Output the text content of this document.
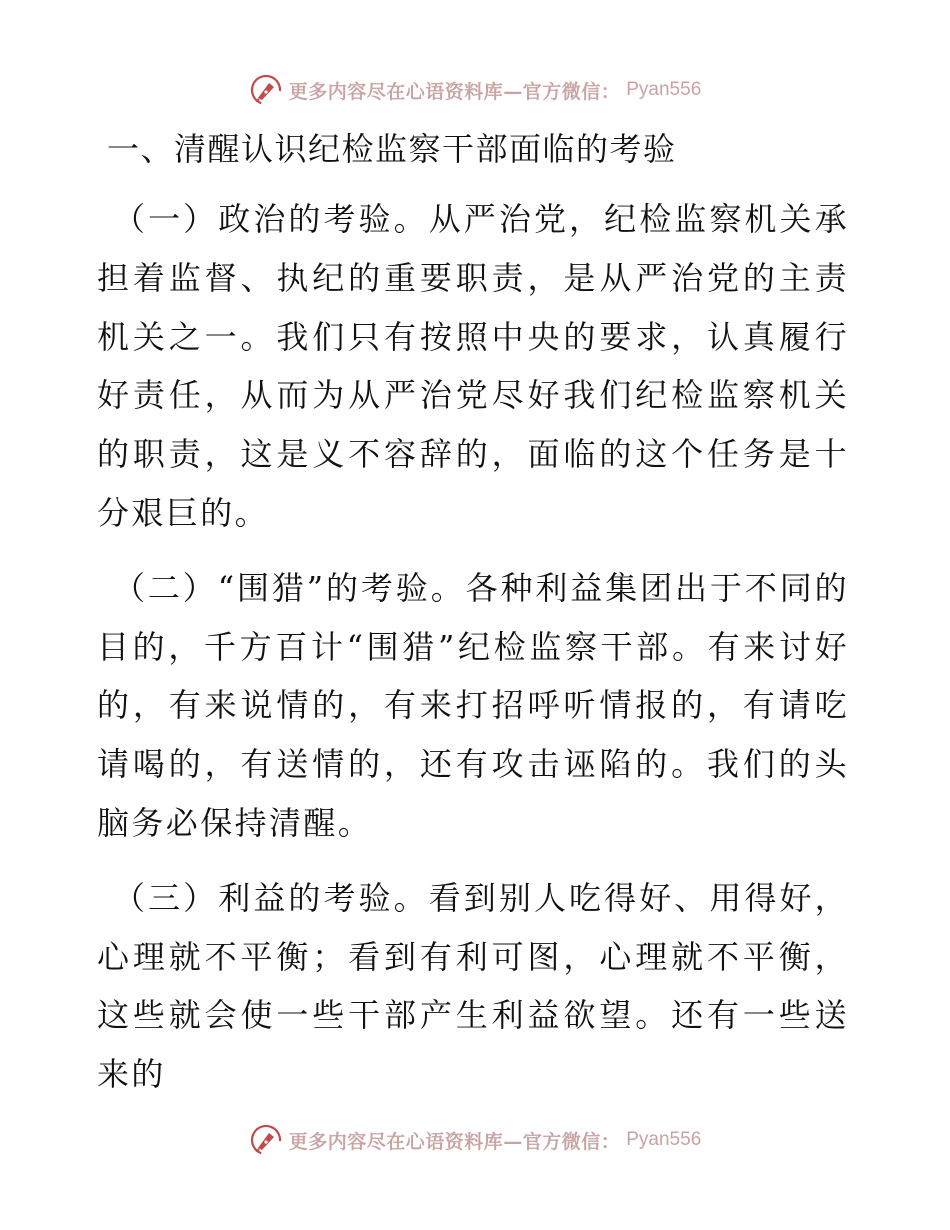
更多内容尽在心语资料库—官方微信： Pyan556
一、清醒认识纪检监察干部面临的考验

（一）政治的考验。从严治党，纪检监察机关承担着监督、执纪的重要职责，是从严治党的主责机关之一。我们只有按照中央的要求，认真履行好责任，从而为从严治党尽好我们纪检监察机关的职责，这是义不容辞的，面临的这个任务是十分艰巨的。

（二）“围猎”的考验。各种利益集团出于不同的目的，千方百计“围猎”纪检监察干部。有来讨好的，有来说情的，有来打招呼听情报的，有请吃请喝的，有送情的，还有攻击诬陷的。我们的头脑务必保持清醒。

（三）利益的考验。看到别人吃得好、用得好，心理就不平衡；看到有利可图，心理就不平衡，这些就会使一些干部产生利益欲望。还有一些送来的

更多内容尽在心语资料库—官方微信： Pyan556
